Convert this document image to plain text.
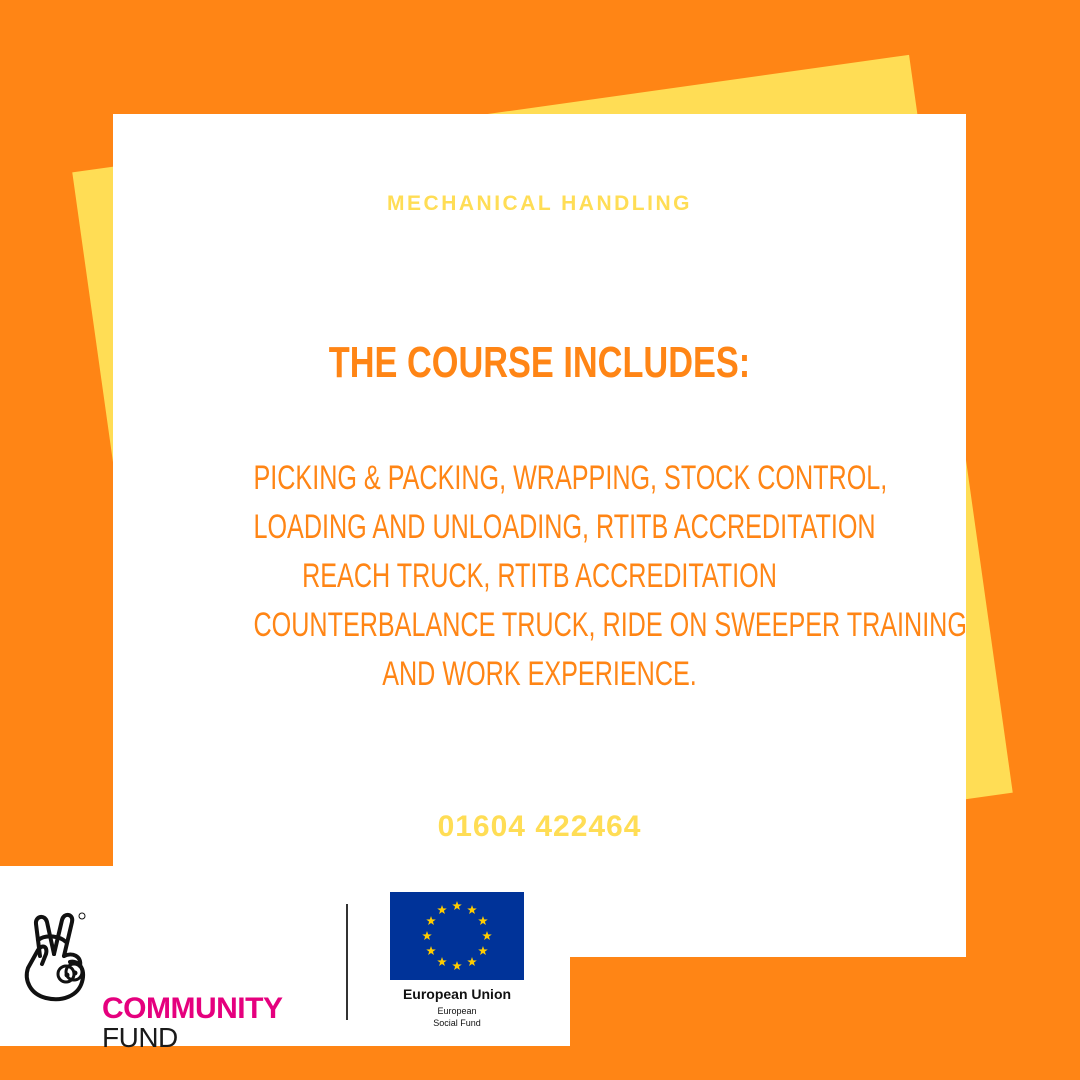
MECHANICAL HANDLING
THE COURSE INCLUDES:
PICKING & PACKING, WRAPPING, STOCK CONTROL,
LOADING AND UNLOADING, RTITB ACCREDITATION
REACH TRUCK, RTITB ACCREDITATION
COUNTERBALANCE TRUCK, RIDE ON SWEEPER TRAINING
AND WORK EXPERIENCE.
01604 422464
COMMUNITY
FUND
European Union
European
Social Fund
